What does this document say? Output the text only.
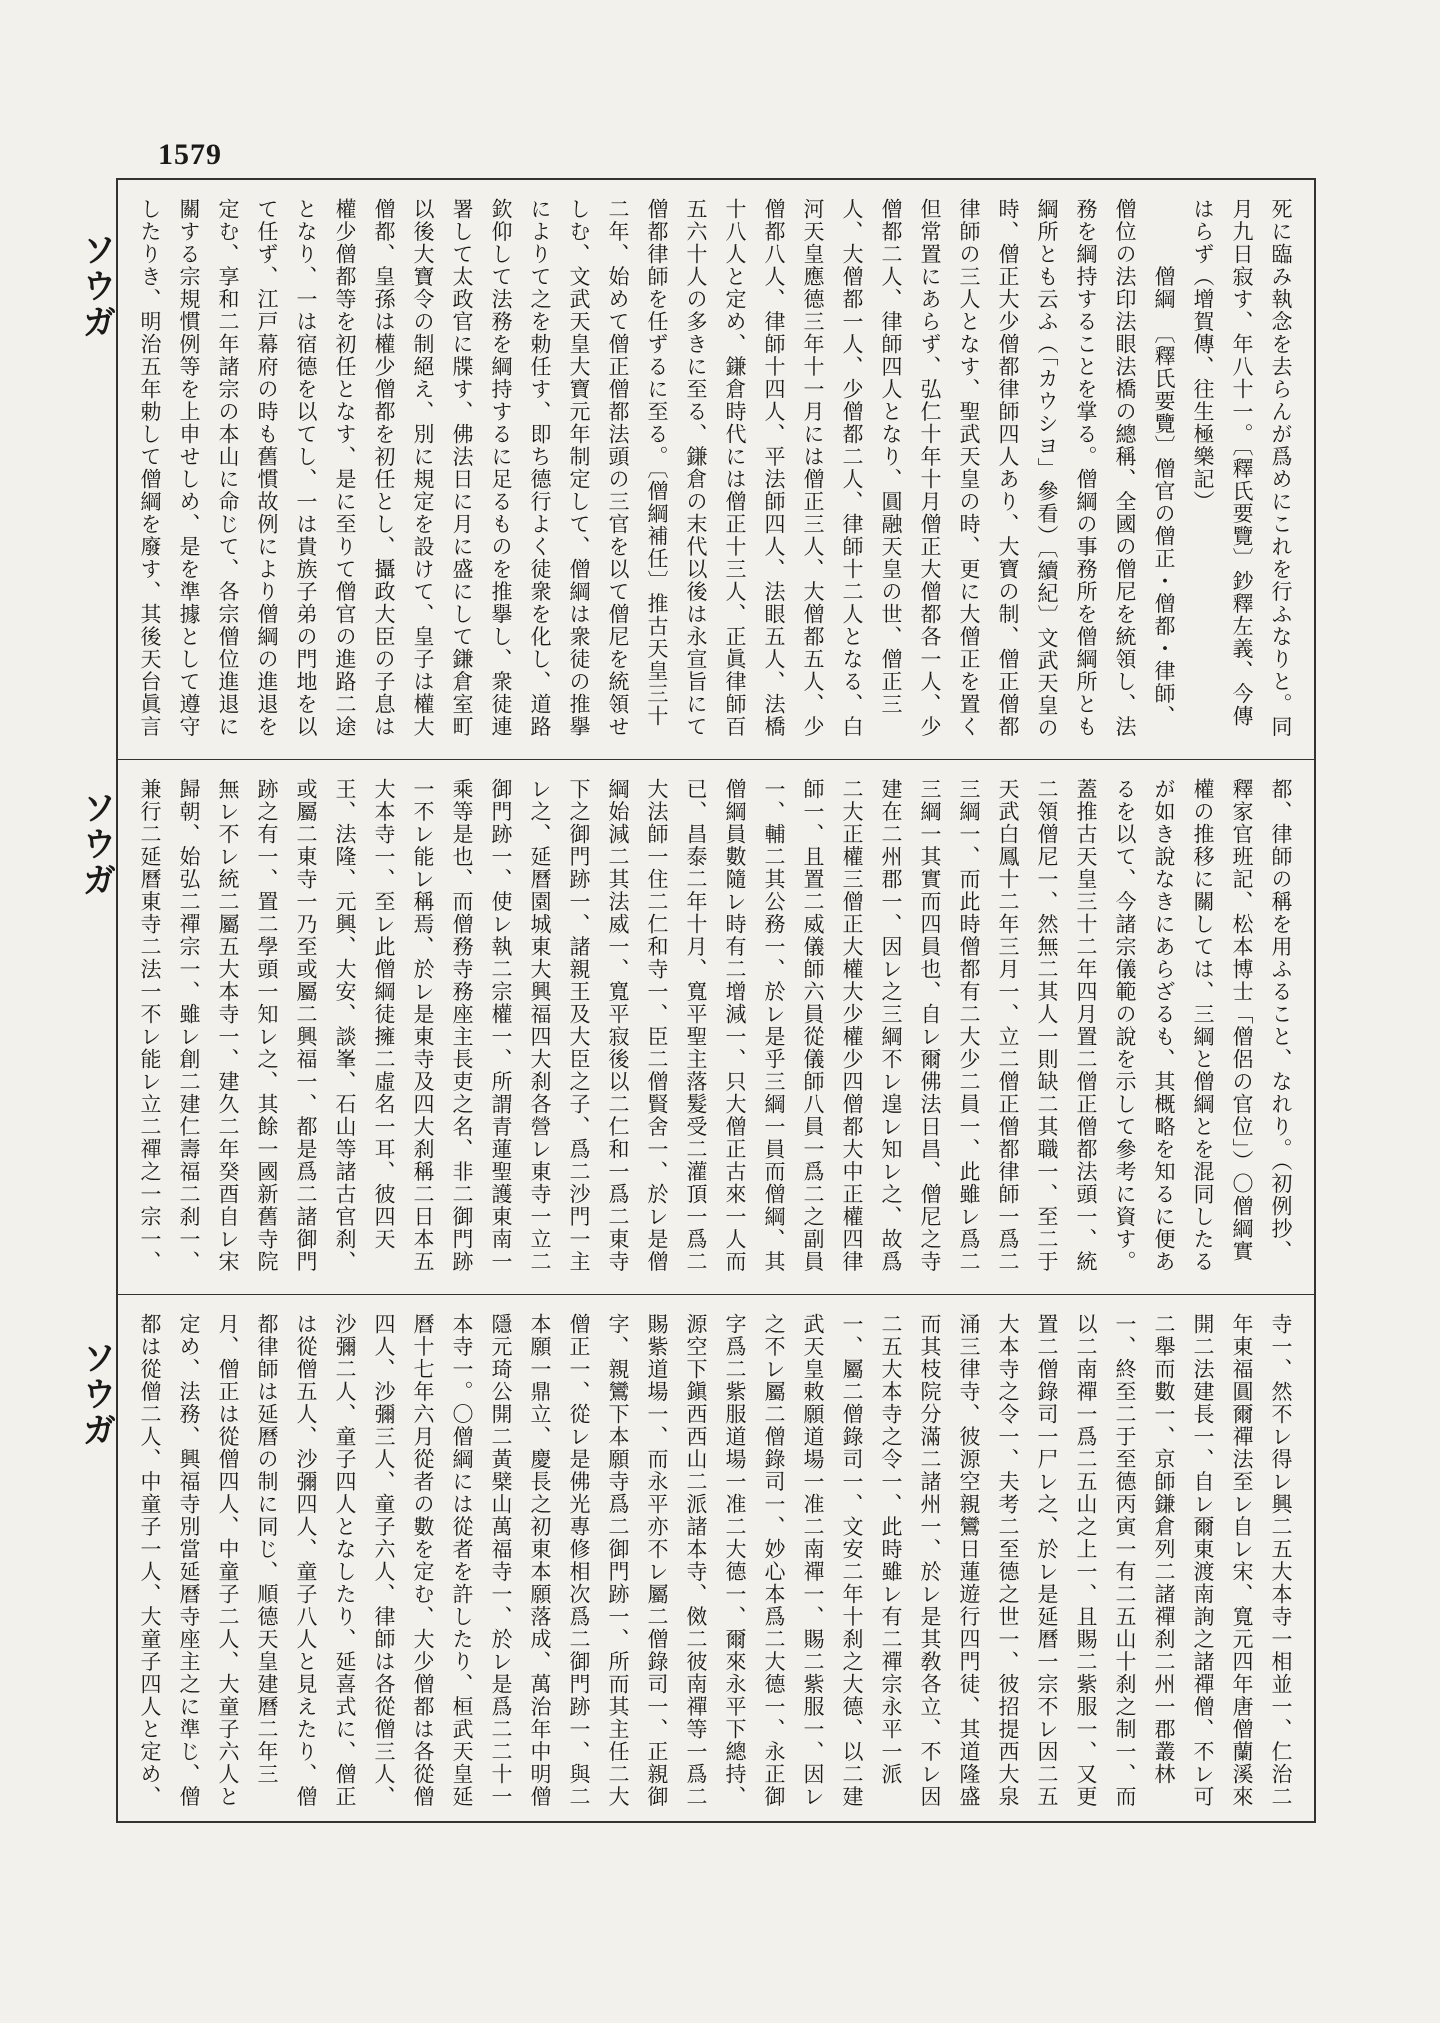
1579
ソウガ
ソウガ
ソウガ
死に臨み執念を去らんが爲めにこれを行ふなりと。同月九日寂す、年八十一。〔釋氏要覽〕鈔釋左義、今傳はらず（增賀傳、往生極樂記）
　　　僧綱　〔釋氏要覽〕僧官の僧正・僧都・律師、僧位の法印法眼法橋の總稱、全國の僧尼を統領し、法務を綱持することを掌る。僧綱の事務所を僧綱所とも綱所とも云ふ（「カウシヨ」參看）〔續紀〕文武天皇の時、僧正大少僧都律師四人あり、大寶の制、僧正僧都律師の三人となす、聖武天皇の時、更に大僧正を置く但常置にあらず、弘仁十年十月僧正大僧都各一人、少僧都二人、律師四人となり、圓融天皇の世、僧正三人、大僧都一人、少僧都二人、律師十二人となる、白河天皇應德三年十一月には僧正三人、大僧都五人、少僧都八人、律師十四人、平法師四人、法眼五人、法橋十八人と定め、鎌倉時代には僧正十三人、正眞律師百五六十人の多きに至る、鎌倉の末代以後は永宣旨にて僧都律師を任ずるに至る。〔僧綱補任〕推古天皇三十二年、始めて僧正僧都法頭の三官を以て僧尼を統領せしむ、文武天皇大寶元年制定して、僧綱は衆徒の推擧によりて之を勅任す、即ち德行よく徒衆を化し、道路欽仰して法務を綱持するに足るものを推擧し、衆徒連署して太政官に牒す、佛法日に月に盛にして鎌倉室町以後大寶令の制絕え、別に規定を設けて、皇子は權大僧都、皇孫は權少僧都を初任とし、攝政大臣の子息は權少僧都等を初任となす、是に至りて僧官の進路二途となり、一は宿德を以てし、一は貴族子弟の門地を以て任ず、江戸幕府の時も舊慣故例により僧綱の進退を定む、享和二年諸宗の本山に命じて、各宗僧位進退に關する宗規慣例等を上申せしめ、是を準據として遵守したりき、明治五年勅して僧綱を廢す、其後天台眞言
都、律師の稱を用ふること、なれり。（初例抄、釋家官班記、松本博士「僧侶の官位」）〇僧綱實權の推移に關しては、三綱と僧綱とを混同したるが如き說なきにあらざるも、其概略を知るに便あるを以て、今諸宗儀範の說を示して參考に資す。蓋推古天皇三十二年四月置二僧正僧都法頭一、統二領僧尼一、然無二其人一則缺二其職一、至二于天武白鳳十二年三月一、立二僧正僧都律師一爲二三綱一、而此時僧都有二大少二員一、此雖レ爲二三綱一其實而四員也、自レ爾佛法日昌、僧尼之寺建在二州郡一、因レ之三綱不レ遑レ知レ之、故爲二大正權三僧正大權大少權少四僧都大中正權四律師一、且置二威儀師六員從儀師八員一爲二之副員一、輔二其公務一、於レ是乎三綱一員而僧綱、其僧綱員數隨レ時有二增減一、只大僧正古來一人而已、昌泰二年十月、寬平聖主落髮受二灌頂一爲二大法師一住二仁和寺一、臣二僧賢舍一、於レ是僧綱始減二其法威一、寬平寂後以二仁和一爲二東寺下之御門跡一、諸親王及大臣之子、爲二沙門一主レ之、延曆園城東大興福四大刹各營レ東寺一立二御門跡一、使レ執二宗權一、所謂青蓮聖護東南一乘等是也、而僧務寺務座主長吏之名、非二御門跡一不レ能レ稱焉、於レ是東寺及四大刹稱二日本五大本寺一、至レ此僧綱徒擁二虛名一耳、彼四天王、法隆、元興、大安、談峯、石山等諸古官刹、或屬二東寺一乃至或屬二興福一、都是爲二諸御門跡之有一、置二學頭一知レ之、其餘一國新舊寺院無レ不レ統二屬五大本寺一、建久二年癸酉自レ宋歸朝、始弘二禪宗一、雖レ創二建仁壽福二刹一、兼行二延曆東寺二法一不レ能レ立二禪之一宗一、
寺一、然不レ得レ興二五大本寺一相並一、仁治二年東福圓爾禪法至レ自レ宋、寬元四年唐僧蘭溪來開二法建長一、自レ爾東渡南詢之諸禪僧、不レ可二舉而數一、京師鎌倉列二諸禪刹二州一郡叢林一、終至二于至德丙寅一有二五山十刹之制一、而以二南禪一爲二五山之上一、且賜二紫服一、又更置二僧錄司一尸レ之、於レ是延曆一宗不レ因二五大本寺之令一、夫考二至德之世一、彼招提西大泉涌三律寺、彼源空親鸞日蓮遊行四門徒、其道隆盛而其枝院分滿二諸州一、於レ是其敎各立、不レ因二五大本寺之令一、此時雖レ有二禪宗永平一派一、屬二僧錄司一、文安二年十刹之大德、以二建武天皇敕願道場一准二南禪一、賜二紫服一、因レ之不レ屬二僧錄司一、妙心本爲二大德一、永正御字爲二紫服道場一准二大德一、爾來永平下總持、源空下鎭西西山二派諸本寺、傚二彼南禪等一爲二賜紫道場一、而永平亦不レ屬二僧錄司一、正親御字、親鸞下本願寺爲二御門跡一、所而其主任二大僧正一、從レ是佛光專修相次爲二御門跡一、與二本願一鼎立、慶長之初東本願落成、萬治年中明僧隱元琦公開二黃檗山萬福寺一、於レ是爲二二十一本寺一。〇僧綱には從者を許したり、桓武天皇延曆十七年六月從者の數を定む、大少僧都は各從僧四人、沙彌三人、童子六人、律師は各從僧三人、沙彌二人、童子四人となしたり、延喜式に、僧正は從僧五人、沙彌四人、童子八人と見えたり、僧都律師は延曆の制に同じ、順德天皇建曆二年三月、僧正は從僧四人、中童子二人、大童子六人と定め、法務、興福寺別當延曆寺座主之に準じ、僧都は從僧二人、中童子一人、大童子四人と定め、
